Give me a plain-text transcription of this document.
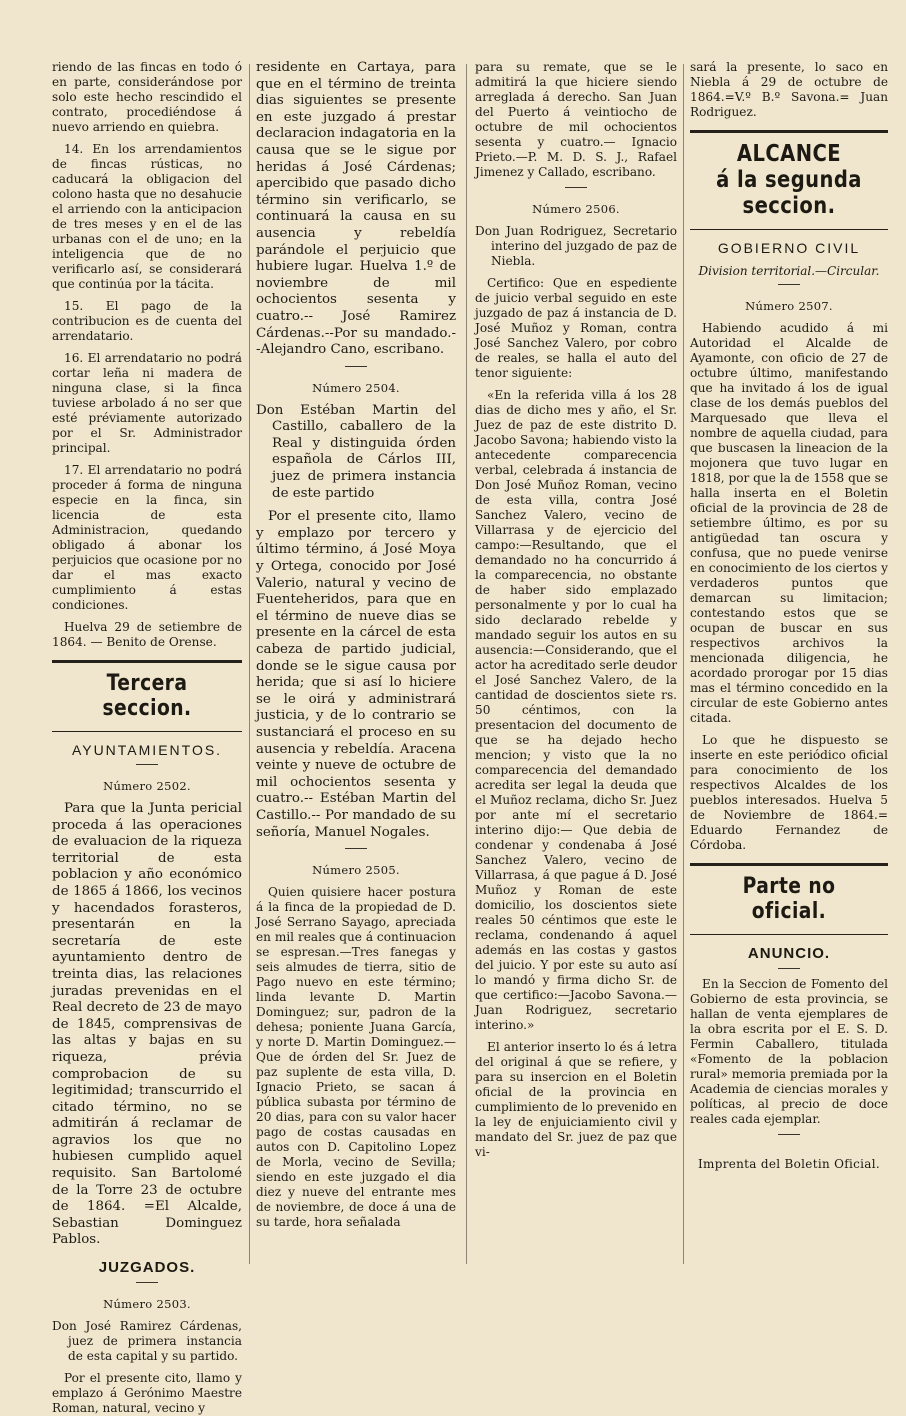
riendo de las fincas en todo ó en parte, considerándose por solo este hecho rescindido el contrato, procediéndose á nuevo arriendo en quiebra.

14. En los arrendamientos de fincas rústicas, no caducará la obligacion del colono hasta que no desahucie el arriendo con la anticipacion de tres meses y en el de las urbanas con el de uno; en la inteligencia que de no verificarlo así, se considerará que continúa por la tácita.

15. El pago de la contribucion es de cuenta del arrendatario.

16. El arrendatario no podrá cortar leña ni madera de ninguna clase, si la finca tuviese arbolado á no ser que esté préviamente autorizado por el Sr. Administrador principal.

17. El arrendatario no podrá proceder á forma de ninguna especie en la finca, sin licencia de esta Administracion, quedando obligado á abonar los perjuicios que ocasione por no dar el mas exacto cumplimiento á estas condiciones.

Huelva 29 de setiembre de 1864. — Benito de Orense.

Tercera seccion.
AYUNTAMIENTOS.
Número 2502.

Para que la Junta pericial proceda á las operaciones de evaluacion de la riqueza territorial de esta poblacion y año económico de 1865 á 1866, los vecinos y hacendados forasteros, presentarán en la secretaría de este ayuntamiento dentro de treinta dias, las relaciones juradas prevenidas en el Real decreto de 23 de mayo de 1845, comprensivas de las altas y bajas en su riqueza, prévia comprobacion de su legitimidad; transcurrido el citado término, no se admitirán á reclamar de agravios los que no hubiesen cumplido aquel requisito. San Bartolomé de la Torre 23 de octubre de 1864. =El Alcalde, Sebastian Dominguez Pablos.

JUZGADOS.
Número 2503.

Don José Ramirez Cárdenas, juez de primera instancia de esta capital y su partido.

Por el presente cito, llamo y emplazo á Gerónimo Maestre Roman, natural, vecino y

residente en Cartaya, para que en el término de treinta dias siguientes se presente en este juzgado á prestar declaracion indagatoria en la causa que se le sigue por heridas á José Cárdenas; apercibido que pasado dicho término sin verificarlo, se continuará la causa en su ausencia y rebeldía parándole el perjuicio que hubiere lugar. Huelva 1.º de noviembre de mil ochocientos sesenta y cuatro.-- José Ramirez Cárdenas.--Por su mandado.--Alejandro Cano, escribano.

Número 2504.

Don Estéban Martin del Castillo, caballero de la Real y distinguida órden española de Cárlos III, juez de primera instancia de este partido

Por el presente cito, llamo y emplazo por tercero y último término, á José Moya y Ortega, conocido por José Valerio, natural y vecino de Fuenteheridos, para que en el término de nueve dias se presente en la cárcel de esta cabeza de partido judicial, donde se le sigue causa por herida; que si así lo hiciere se le oirá y administrará justicia, y de lo contrario se sustanciará el proceso en su ausencia y rebeldía. Aracena veinte y nueve de octubre de mil ochocientos sesenta y cuatro.-- Estéban Martin del Castillo.-- Por mandado de su señoría, Manuel Nogales.

Número 2505.

Quien quisiere hacer postura á la finca de la propiedad de D. José Serrano Sayago, apreciada en mil reales que á continuacion se espresan.—Tres fanegas y seis almudes de tierra, sitio de Pago nuevo en este término; linda levante D. Martin Dominguez; sur, padron de la dehesa; poniente Juana García, y norte D. Martin Dominguez.—Que de órden del Sr. Juez de paz suplente de esta villa, D. Ignacio Prieto, se sacan á pública subasta por término de 20 dias, para con su valor hacer pago de costas causadas en autos con D. Capitolino Lopez de Morla, vecino de Sevilla; siendo en este juzgado el dia diez y nueve del entrante mes de noviembre, de doce á una de su tarde, hora señalada

para su remate, que se le admitirá la que hiciere siendo arreglada á derecho. San Juan del Puerto á veintiocho de octubre de mil ochocientos sesenta y cuatro.— Ignacio Prieto.—P. M. D. S. J., Rafael Jimenez y Callado, escribano.

Número 2506.

Don Juan Rodriguez, Secretario interino del juzgado de paz de Niebla.

Certifico: Que en espediente de juicio verbal seguido en este juzgado de paz á instancia de D. José Muñoz y Roman, contra José Sanchez Valero, por cobro de reales, se halla el auto del tenor siguiente:

«En la referida villa á los 28 dias de dicho mes y año, el Sr. Juez de paz de este distrito D. Jacobo Savona; habiendo visto la antecedente comparecencia verbal, celebrada á instancia de Don José Muñoz Roman, vecino de esta villa, contra José Sanchez Valero, vecino de Villarrasa y de ejercicio del campo:—Resultando, que el demandado no ha concurrido á la comparecencia, no obstante de haber sido emplazado personalmente y por lo cual ha sido declarado rebelde y mandado seguir los autos en su ausencia:—Considerando, que el actor ha acreditado serle deudor el José Sanchez Valero, de la cantidad de doscientos siete rs. 50 céntimos, con la presentacion del documento de que se ha dejado hecho mencion; y visto que la no comparecencia del demandado acredita ser legal la deuda que el Muñoz reclama, dicho Sr. Juez por ante mí el secretario interino dijo:— Que debia de condenar y condenaba á José Sanchez Valero, vecino de Villarrasa, á que pague á D. José Muñoz y Roman de este domicilio, los doscientos siete reales 50 céntimos que este le reclama, condenando á aquel además en las costas y gastos del juicio. Y por este su auto así lo mandó y firma dicho Sr. de que certifico:—Jacobo Savona.—Juan Rodriguez, secretario interino.»

El anterior inserto lo és á letra del original á que se refiere, y para su insercion en el Boletin oficial de la provincia en cumplimiento de lo prevenido en la ley de enjuiciamiento civil y mandato del Sr. juez de paz que vi-

sará la presente, lo saco en Niebla á 29 de octubre de 1864.=V.º B.º Savona.= Juan Rodriguez.

ALCANCE
á la segunda seccion.
GOBIERNO CIVIL
Division territorial.—Circular.
Número 2507.

Habiendo acudido á mi Autoridad el Alcalde de Ayamonte, con oficio de 27 de octubre último, manifestando que ha invitado á los de igual clase de los demás pueblos del Marquesado que lleva el nombre de aquella ciudad, para que buscasen la lineacion de la mojonera que tuvo lugar en 1818, por que la de 1558 que se halla inserta en el Boletin oficial de la provincia de 28 de setiembre último, es por su antigüedad tan oscura y confusa, que no puede venirse en conocimiento de los ciertos y verdaderos puntos que demarcan su limitacion; contestando estos que se ocupan de buscar en sus respectivos archivos la mencionada diligencia, he acordado prorogar por 15 dias mas el término concedido en la circular de este Gobierno antes citada.

Lo que he dispuesto se inserte en este periódico oficial para conocimiento de los respectivos Alcaldes de los pueblos interesados. Huelva 5 de Noviembre de 1864.= Eduardo Fernandez de Córdoba.

Parte no oficial.
ANUNCIO.

En la Seccion de Fomento del Gobierno de esta provincia, se hallan de venta ejemplares de la obra escrita por el E. S. D. Fermin Caballero, titulada «Fomento de la poblacion rural» memoria premiada por la Academia de ciencias morales y políticas, al precio de doce reales cada ejemplar.

Imprenta del Boletin Oficial.
